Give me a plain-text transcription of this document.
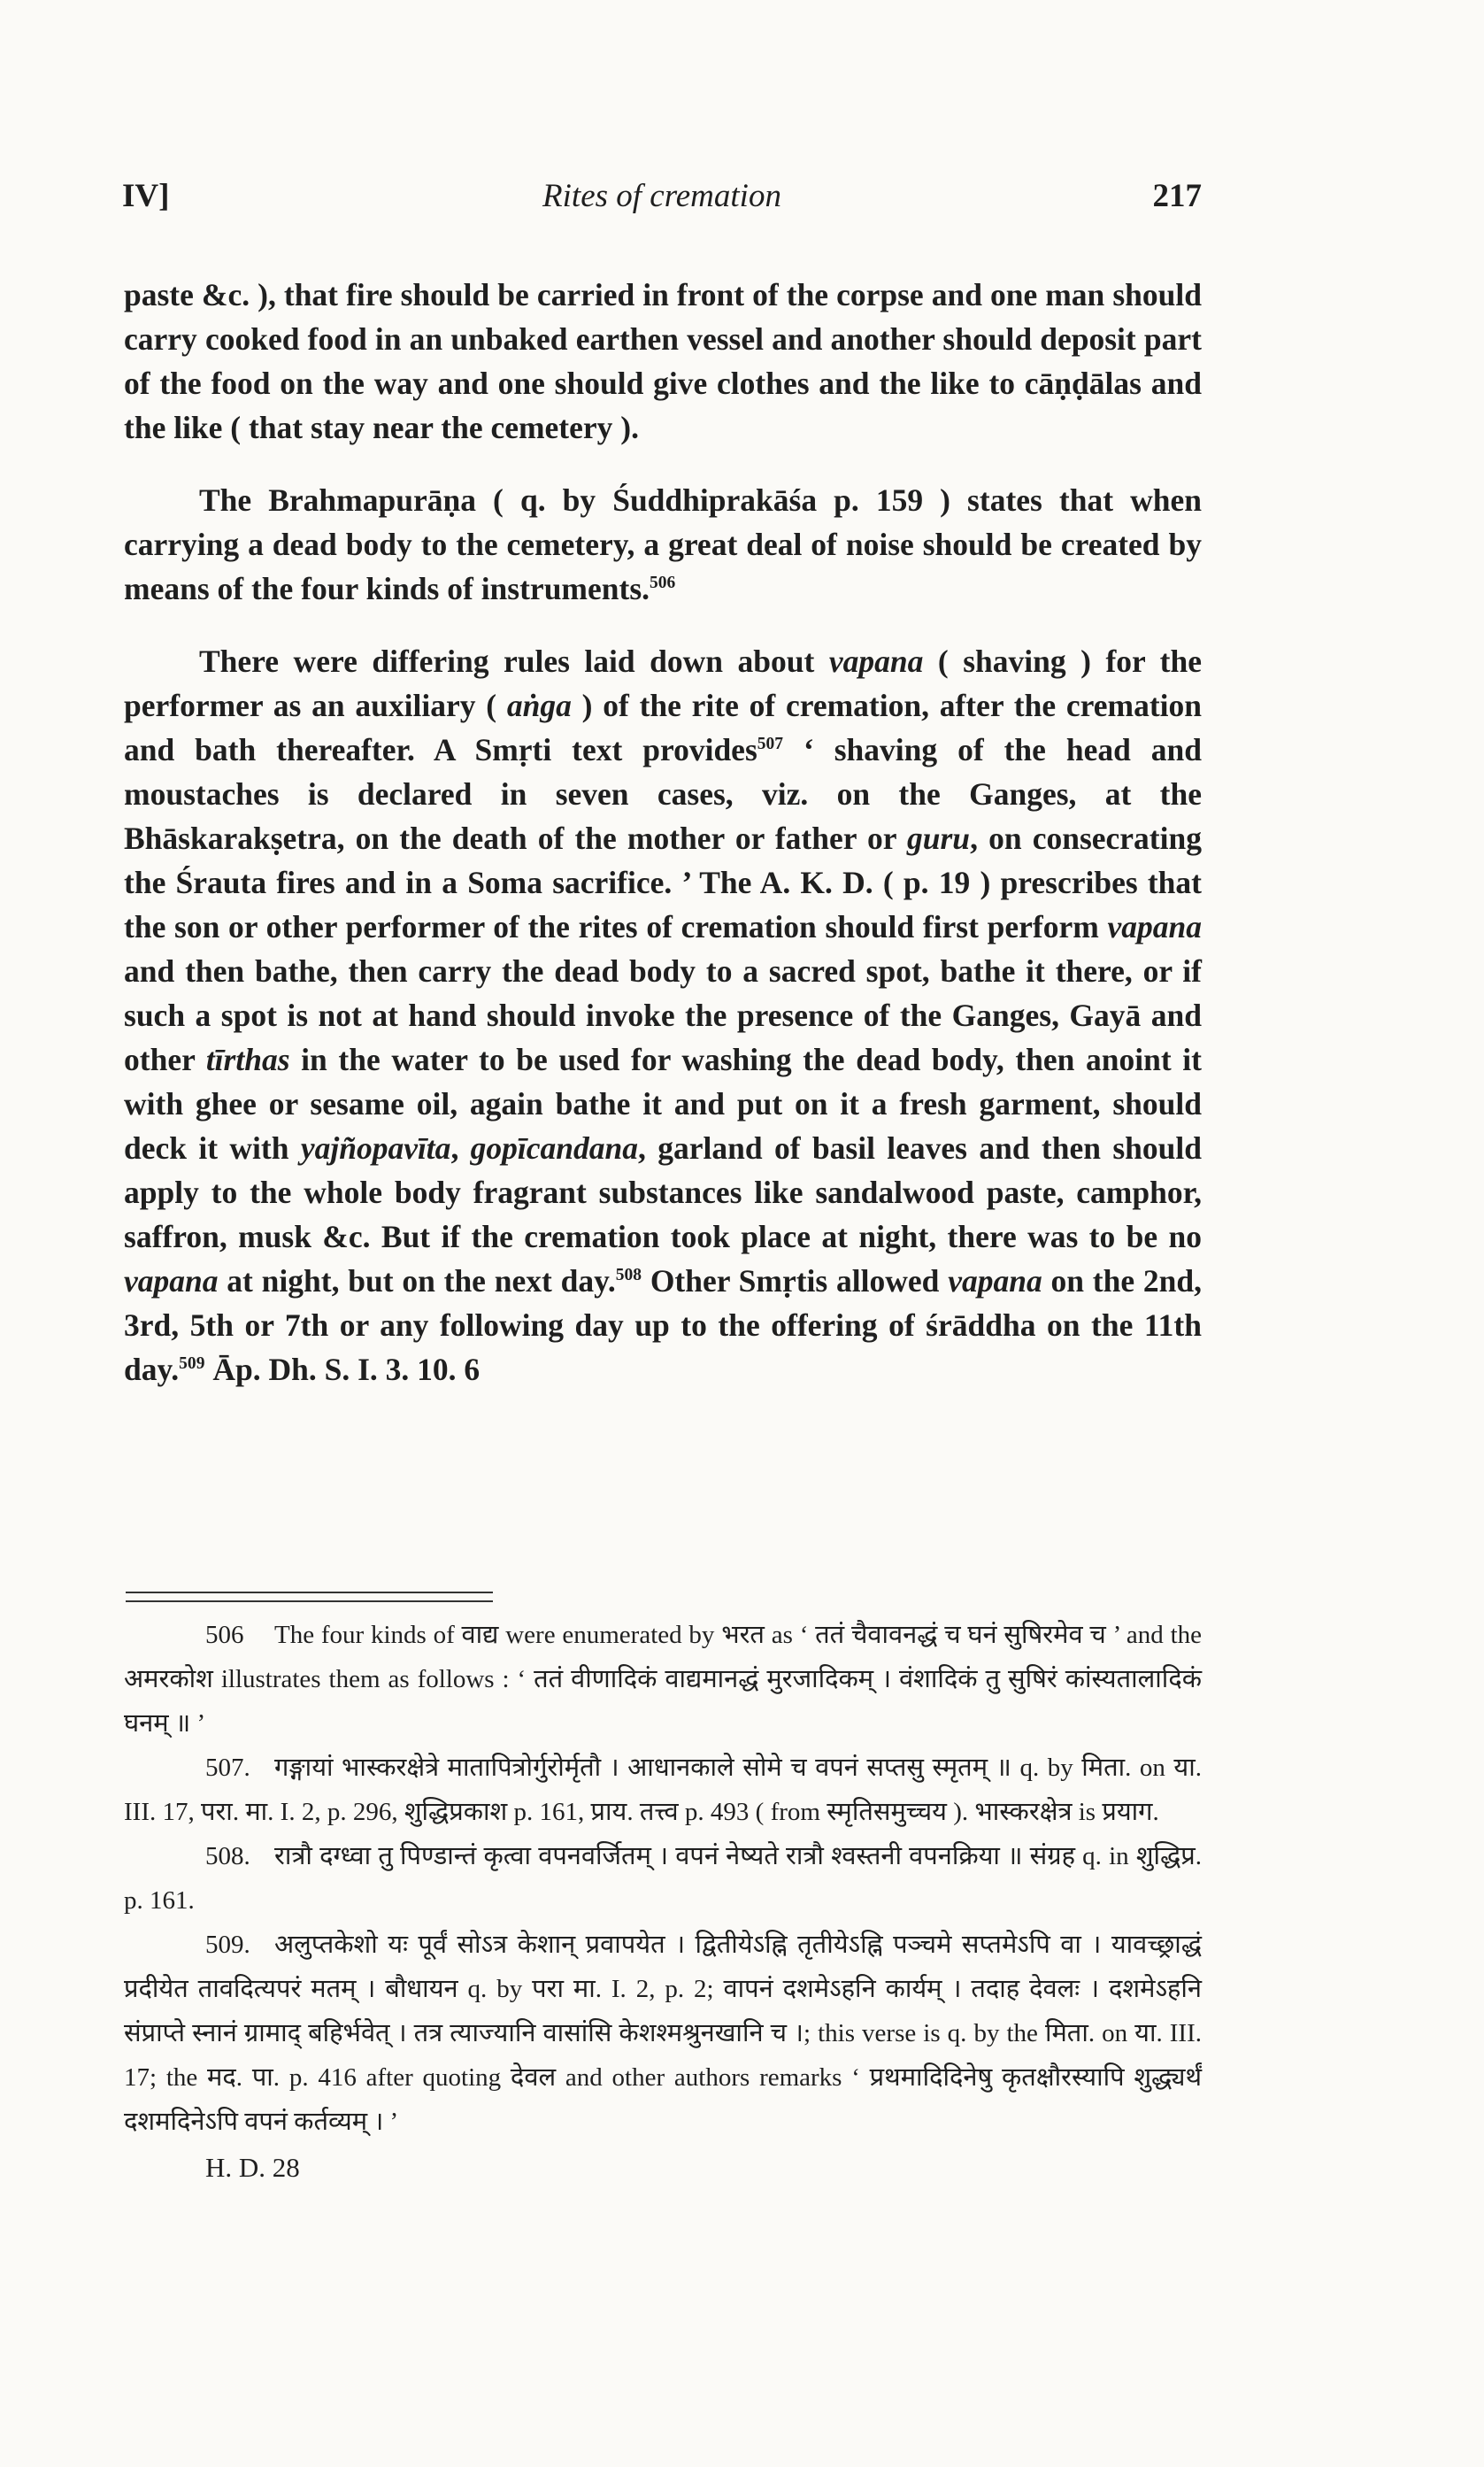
IV]	Rites of cremation	217

paste &c. ), that fire should be carried in front of the corpse and one man should carry cooked food in an unbaked earthen vessel and another should deposit part of the food on the way and one should give clothes and the like to cāṇḍālas and the like ( that stay near the cemetery ).

The Brahmapurāṇa ( q. by Śuddhiprakāśa p. 159 ) states that when carrying a dead body to the cemetery, a great deal of noise should be created by means of the four kinds of instruments.$^{506}$

There were differing rules laid down about vapana ( shaving ) for the performer as an auxiliary ( aṅga ) of the rite of cremation, after the cremation and bath thereafter. A Smṛti text provides$^{507}$ ‘ shaving of the head and moustaches is declared in seven cases, viz. on the Ganges, at the Bhāskarakṣetra, on the death of the mother or father or guru, on consecrating the Śrauta fires and in a Soma sacrifice. ’ The A. K. D. ( p. 19 ) prescribes that the son or other performer of the rites of cremation should first perform vapana and then bathe, then carry the dead body to a sacred spot, bathe it there, or if such a spot is not at hand should invoke the presence of the Ganges, Gayā and other tīrthas in the water to be used for washing the dead body, then anoint it with ghee or sesame oil, again bathe it and put on it a fresh garment, should deck it with yajñopavīta, gopīcandana, garland of basil leaves and then should apply to the whole body fragrant substances like sandalwood paste, camphor, saffron, musk &c. But if the cremation took place at night, there was to be no vapana at night, but on the next day.$^{508}$ Other Smṛtis allowed vapana on the 2nd, 3rd, 5th or 7th or any following day up to the offering of śrāddha on the 11th day.$^{509}$ Āp. Dh. S. I. 3. 10. 6

506 The four kinds of वाद्य were enumerated by भरत as ‘ ततं चैवावनद्धं च घनं सुषिरमेव च ’ and the अमरकोश illustrates them as follows : ‘ ततं वीणादिकं वाद्यमानद्धं मुरजादिकम् । वंशादिकं तु सुषिरं कांस्यतालादिकं घनम् ॥ ’

507. गङ्गायां भास्करक्षेत्रे मातापित्रोर्गुरोर्मृतौ । आधानकाले सोमे च वपनं सप्तसु स्मृतम् ॥ q. by मिता. on या. III. 17, परा. मा. I. 2, p. 296, शुद्धिप्रकाश p. 161, प्राय. तत्त्व p. 493 ( from स्मृतिसमुच्चय ). भास्करक्षेत्र is प्रयाग.

508. रात्रौ दग्ध्वा तु पिण्डान्तं कृत्वा वपनवर्जितम् । वपनं नेष्यते रात्रौ श्वस्तनी वपनक्रिया ॥ संग्रह q. in शुद्धिप्र. p. 161.

509. अलुप्तकेशो यः पूर्वं सोऽत्र केशान् प्रवापयेत । द्वितीयेऽह्नि तृतीयेऽह्नि पञ्चमे सप्तमेऽपि वा । यावच्छ्राद्धं प्रदीयेत तावदित्यपरं मतम् । बौधायन q. by परा मा. I. 2, p. 2; वापनं दशमेऽहनि कार्यम् । तदाह देवलः । दशमेऽहनि संप्राप्ते स्नानं ग्रामाद् बहिर्भवेत् । तत्र त्याज्यानि वासांसि केशश्मश्रुनखानि च ।; this verse is q. by the मिता. on या. III. 17; the मद. पा. p. 416 after quoting देवल and other authors remarks ‘ प्रथमादिदिनेषु कृतक्षौरस्यापि शुद्ध्यर्थं दशमदिनेऽपि वपनं कर्तव्यम् । ’

H. D. 28
